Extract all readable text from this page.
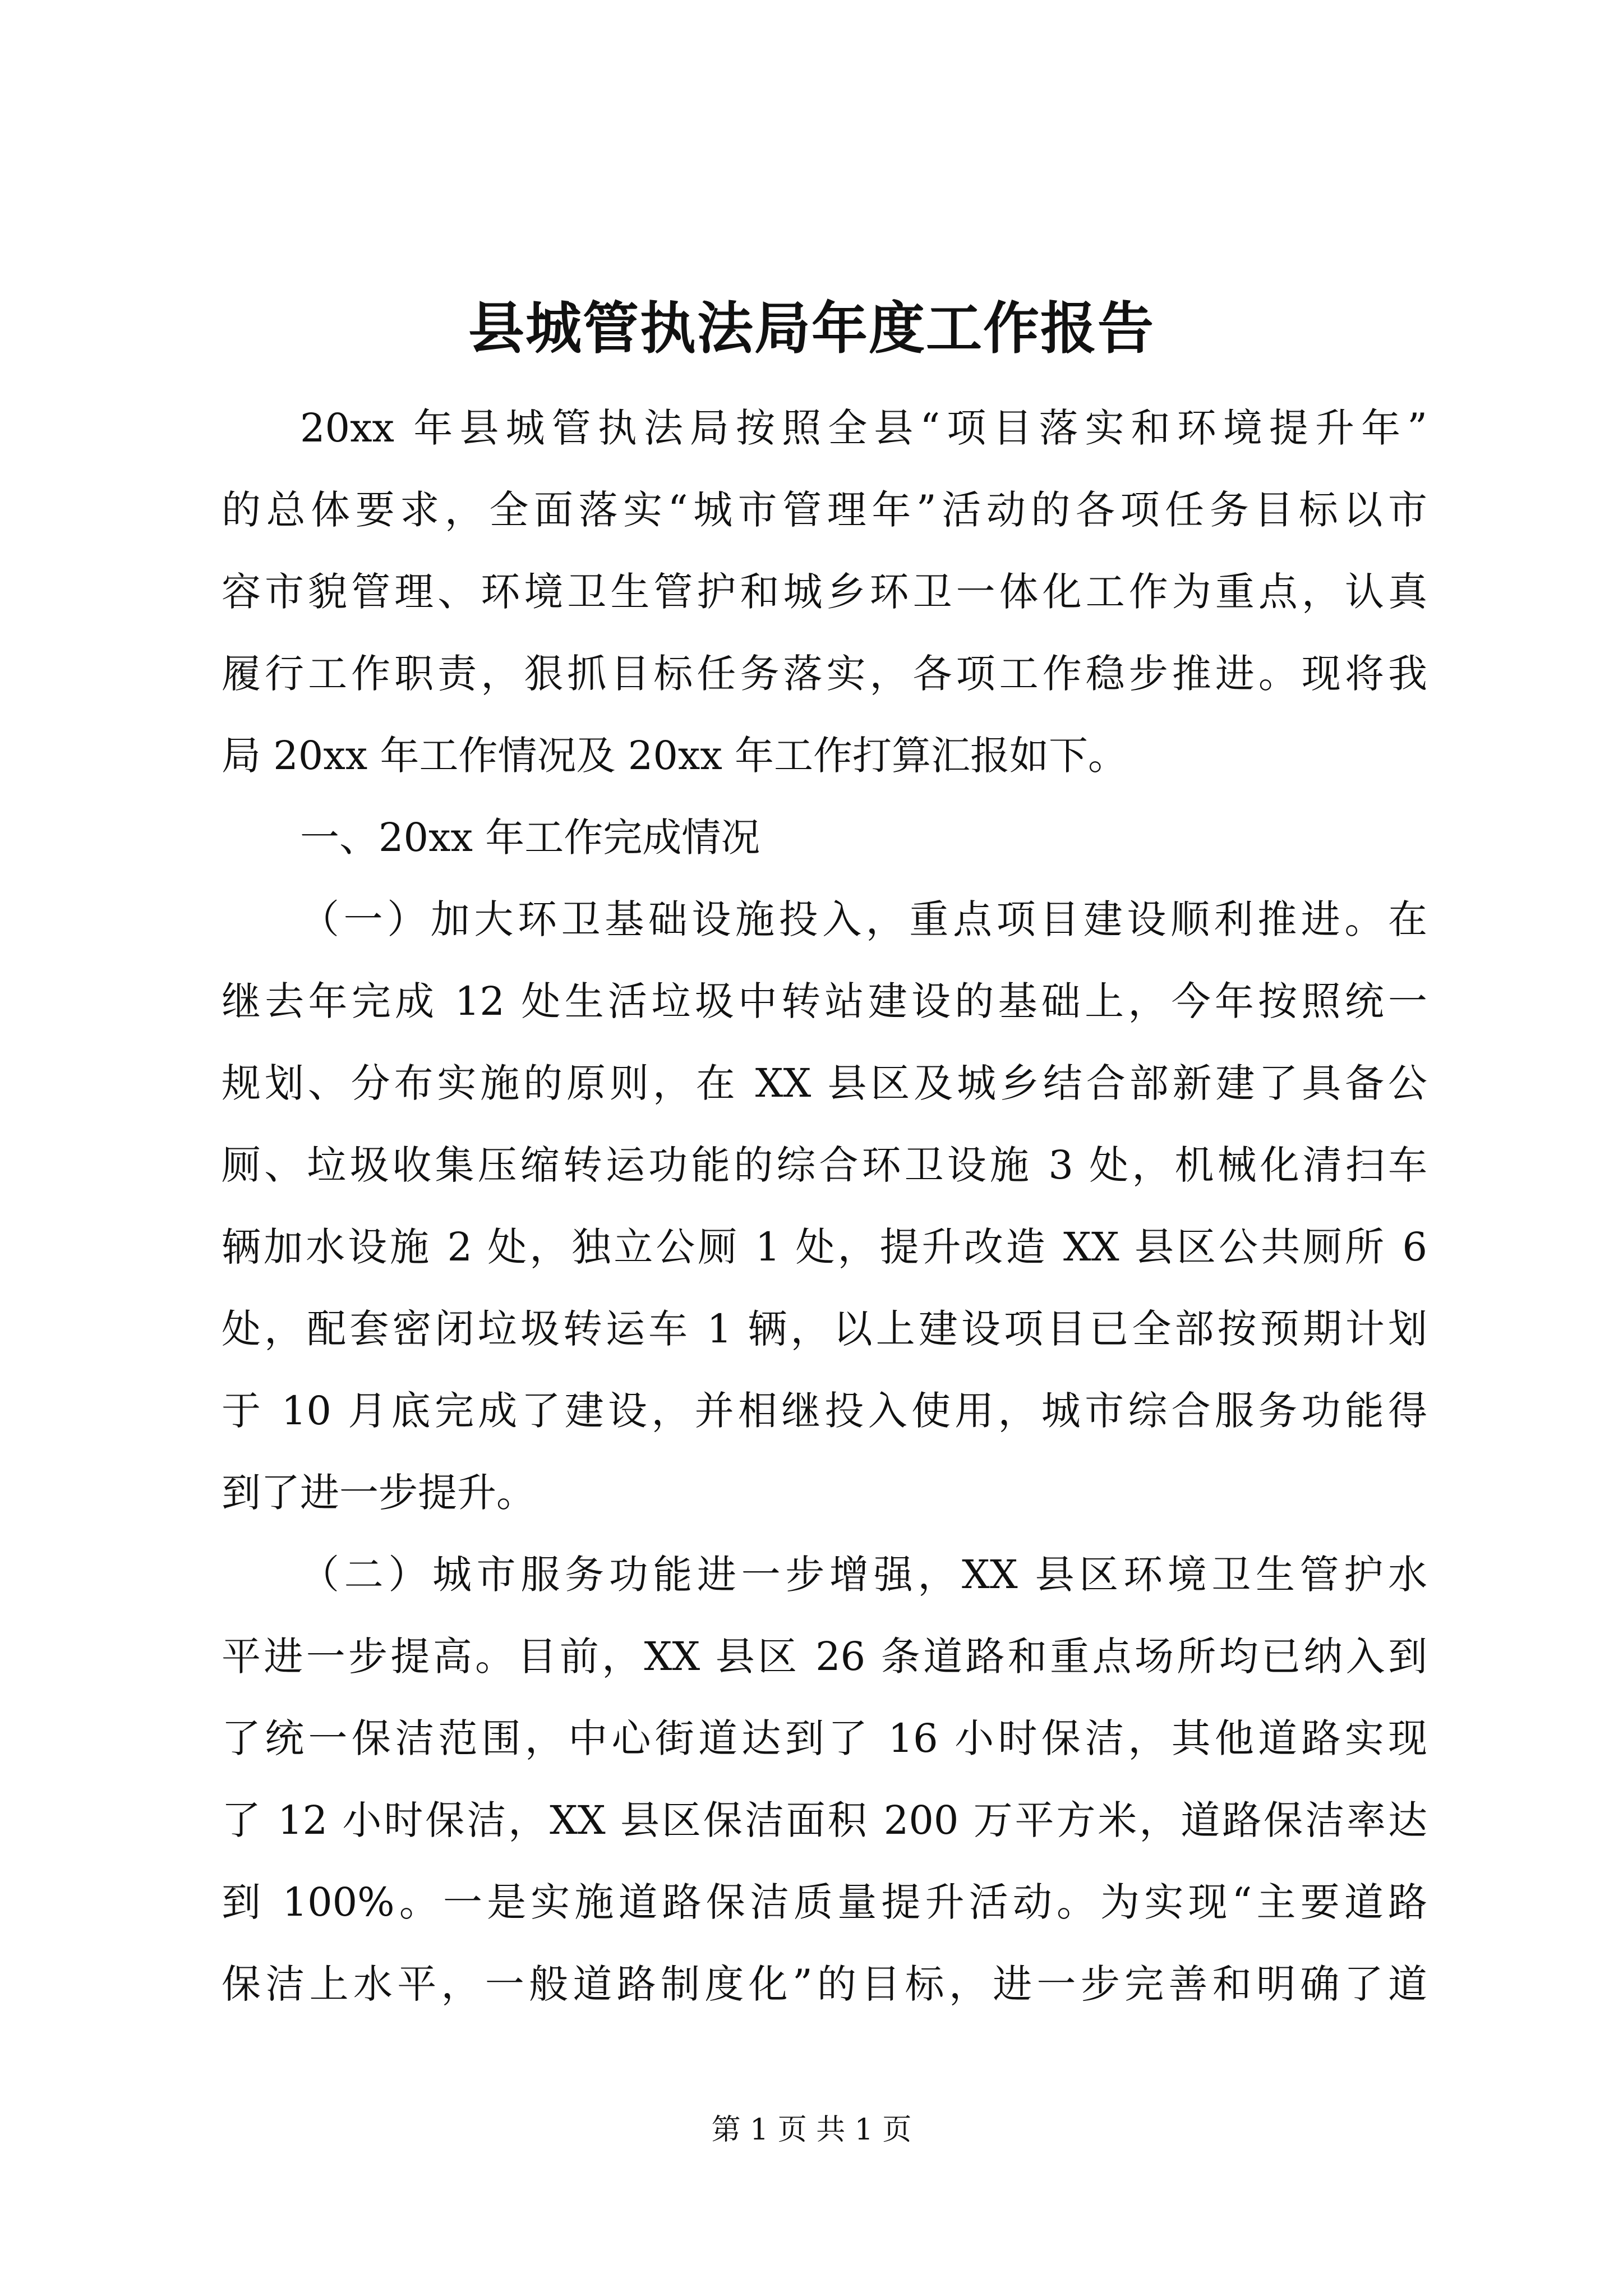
县城管执法局年度工作报告
20xx 年县城管执法局按照全县“项目落实和环境提升年”
的总体要求，全面落实“城市管理年”活动的各项任务目标以市
容市貌管理、环境卫生管护和城乡环卫一体化工作为重点，认真
履行工作职责，狠抓目标任务落实，各项工作稳步推进。现将我
局 20xx 年工作情况及 20xx 年工作打算汇报如下。
一、20xx 年工作完成情况
（一）加大环卫基础设施投入，重点项目建设顺利推进。在
继去年完成 12 处生活垃圾中转站建设的基础上，今年按照统一
规划、分布实施的原则，在 XX 县区及城乡结合部新建了具备公
厕、垃圾收集压缩转运功能的综合环卫设施 3 处，机械化清扫车
辆加水设施 2 处，独立公厕 1 处，提升改造 XX 县区公共厕所 6
处，配套密闭垃圾转运车 1 辆，以上建设项目已全部按预期计划
于 10 月底完成了建设，并相继投入使用，城市综合服务功能得
到了进一步提升。
（二）城市服务功能进一步增强，XX 县区环境卫生管护水
平进一步提高。目前，XX 县区 26 条道路和重点场所均已纳入到
了统一保洁范围，中心街道达到了 16 小时保洁，其他道路实现
了 12 小时保洁，XX 县区保洁面积 200 万平方米，道路保洁率达
到 100%。一是实施道路保洁质量提升活动。为实现“主要道路
保洁上水平，一般道路制度化”的目标，进一步完善和明确了道
第 1 页 共 1 页
